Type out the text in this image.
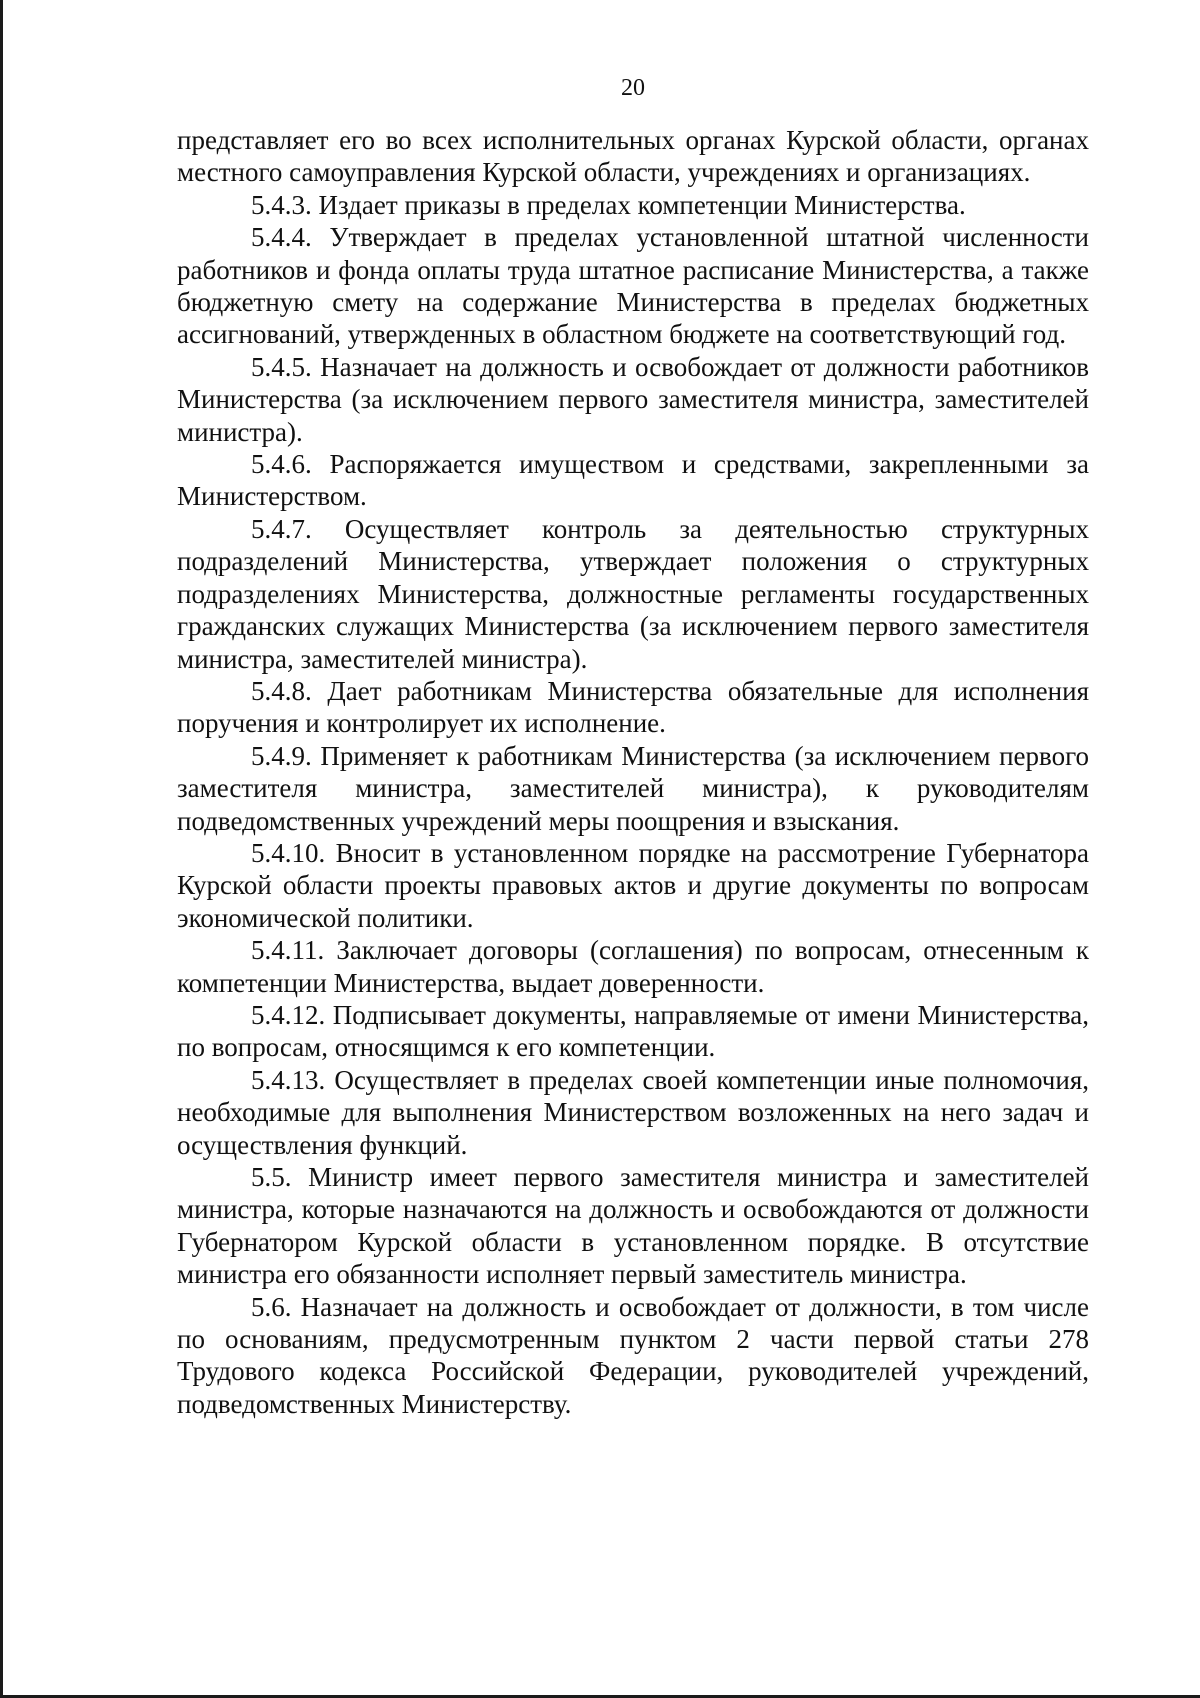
20

представляет его во всех исполнительных органах Курской области, органах местного самоуправления Курской области, учреждениях и организациях.

5.4.3. Издает приказы в пределах компетенции Министерства.

5.4.4. Утверждает в пределах установленной штатной численности работников и фонда оплаты труда штатное расписание Министерства, а также бюджетную смету на содержание Министерства в пределах бюджетных ассигнований, утвержденных в областном бюджете на соответствующий год.

5.4.5. Назначает на должность и освобождает от должности работников Министерства (за исключением первого заместителя министра, заместителей министра).

5.4.6. Распоряжается имуществом и средствами, закрепленными за Министерством.

5.4.7. Осуществляет контроль за деятельностью структурных подразделений Министерства, утверждает положения о структурных подразделениях Министерства, должностные регламенты государственных гражданских служащих Министерства (за исключением первого заместителя министра, заместителей министра).

5.4.8. Дает работникам Министерства обязательные для исполнения поручения и контролирует их исполнение.

5.4.9. Применяет к работникам Министерства (за исключением первого заместителя министра, заместителей министра), к руководителям подведомственных учреждений меры поощрения и взыскания.

5.4.10. Вносит в установленном порядке на рассмотрение Губернатора Курской области проекты правовых актов и другие документы по вопросам экономической политики.

5.4.11. Заключает договоры (соглашения) по вопросам, отнесенным к компетенции Министерства, выдает доверенности.

5.4.12. Подписывает документы, направляемые от имени Министерства, по вопросам, относящимся к его компетенции.

5.4.13. Осуществляет в пределах своей компетенции иные полномочия, необходимые для выполнения Министерством возложенных на него задач и осуществления функций.

5.5. Министр имеет первого заместителя министра и заместителей министра, которые назначаются на должность и освобождаются от должности Губернатором Курской области в установленном порядке. В отсутствие министра его обязанности исполняет первый заместитель министра.

5.6. Назначает на должность и освобождает от должности, в том числе по основаниям, предусмотренным пунктом 2 части первой статьи 278 Трудового кодекса Российской Федерации, руководителей учреждений, подведомственных Министерству.
